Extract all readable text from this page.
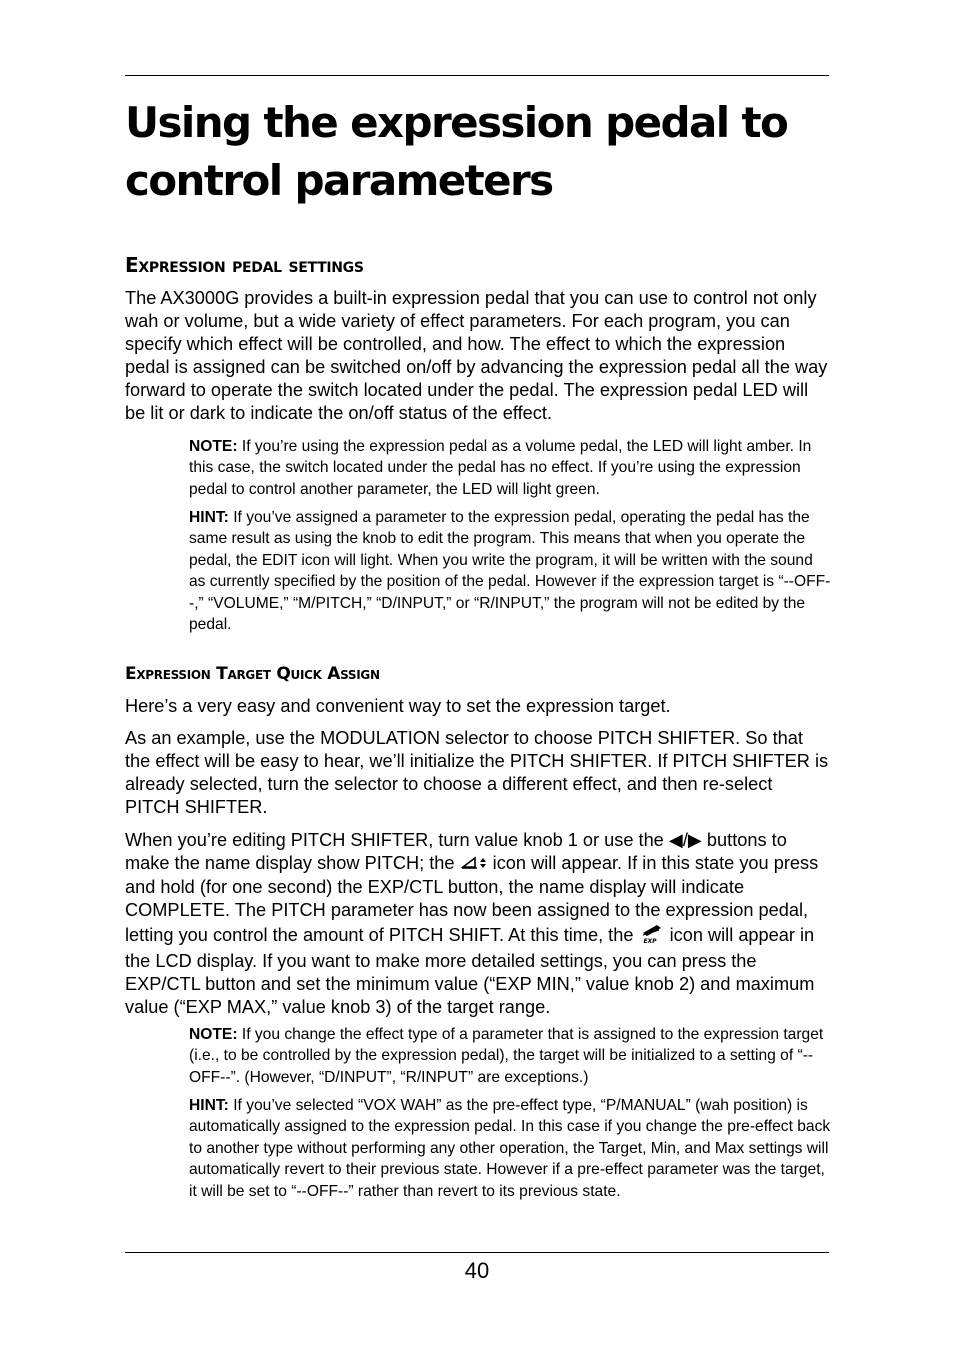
Using the expression pedal to control parameters
Expression pedal settings

The AX3000G provides a built-in expression pedal that you can use to control not only wah or volume, but a wide variety of effect parameters. For each program, you can specify which effect will be controlled, and how. The effect to which the expression pedal is assigned can be switched on/off by advancing the expression pedal all the way forward to operate the switch located under the pedal. The expression pedal LED will be lit or dark to indicate the on/off status of the effect.

NOTE: If you’re using the expression pedal as a volume pedal, the LED will light amber. In this case, the switch located under the pedal has no effect. If you’re using the expression pedal to control another parameter, the LED will light green.

HINT: If you’ve assigned a parameter to the expression pedal, operating the pedal has the same result as using the knob to edit the program. This means that when you operate the pedal, the EDIT icon will light. When you write the program, it will be written with the sound as currently specified by the position of the pedal. However if the expression target is “--OFF--,” “VOLUME,” “M/PITCH,” “D/INPUT,” or “R/INPUT,” the program will not be edited by the pedal.

Expression Target Quick Assign

Here’s a very easy and convenient way to set the expression target.

As an example, use the MODULATION selector to choose PITCH SHIFTER. So that the effect will be easy to hear, we’ll initialize the PITCH SHIFTER. If PITCH SHIFTER is already selected, turn the selector to choose a different effect, and then re-select PITCH SHIFTER.

When you’re editing PITCH SHIFTER, turn value knob 1 or use the ◀/▶ buttons to make the name display show PITCH; the icon will appear. If in this state you press and hold (for one second) the EXP/CTL button, the name display will indicate COMPLETE. The PITCH parameter has now been assigned to the expression pedal, letting you control the amount of PITCH SHIFT. At this time, the EXP icon will appear in the LCD display. If you want to make more detailed settings, you can press the EXP/CTL button and set the minimum value (“EXP MIN,” value knob 2) and maximum value (“EXP MAX,” value knob 3) of the target range.

NOTE: If you change the effect type of a parameter that is assigned to the expression target (i.e., to be controlled by the expression pedal), the target will be initialized to a setting of “--OFF--”. (However, “D/INPUT”, “R/INPUT” are exceptions.)

HINT: If you’ve selected “VOX WAH” as the pre-effect type, “P/MANUAL” (wah position) is automatically assigned to the expression pedal. In this case if you change the pre-effect back to another type without performing any other operation, the Target, Min, and Max settings will automatically revert to their previous state. However if a pre-effect parameter was the target, it will be set to “--OFF--” rather than revert to its previous state.

40
